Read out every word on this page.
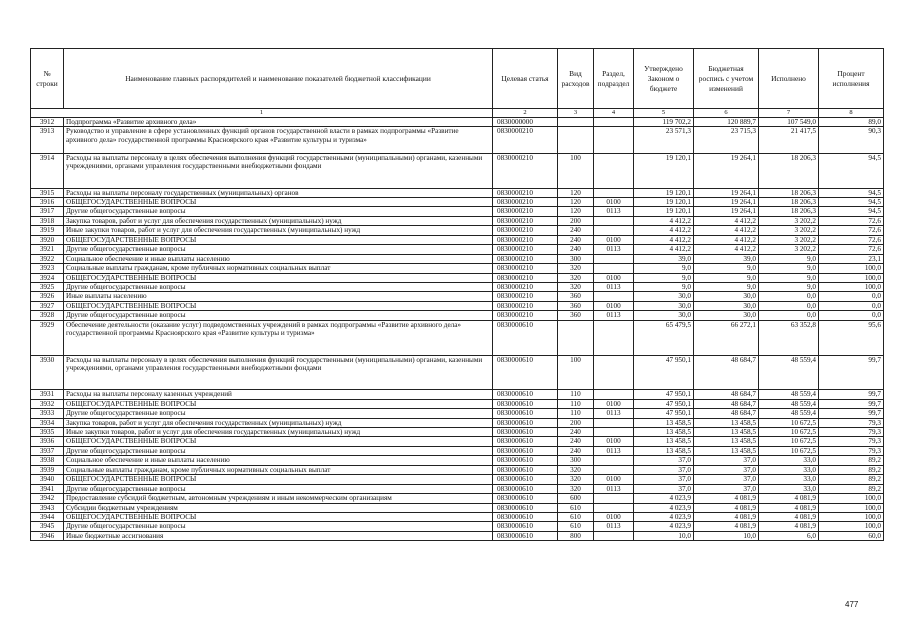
№ строки	Наименование главных распорядителей и наименование показателей бюджетной классификации	Целевая статья	Вид расходов	Раздел, подраздел	Утверждено Законом о бюджете	Бюджетная роспись с учетом изменений	Исполнено	Процент исполнения
1		2	3	4	5	6	7	8
3912	Подпрограмма «Развитие архивного дела»	0830000000			119 702,2	120 889,7	107 549,0	89,0
3913	Руководство и управление в сфере установленных функций органов государственной власти в рамках подпрограммы «Развитие архивного дела» государственной программы Красноярского края «Развитие культуры и туризма»	0830000210			23 571,3	23 715,3	21 417,5	90,3
3914	Расходы на выплаты персоналу в целях обеспечения выполнения функций государственными (муниципальными) органами, казенными учреждениями, органами управления государственными внебюджетными фондами	0830000210	100		19 120,1	19 264,1	18 206,3	94,5
3915	Расходы на выплаты персоналу государственных (муниципальных) органов	0830000210	120		19 120,1	19 264,1	18 206,3	94,5
3916	ОБЩЕГОСУДАРСТВЕННЫЕ ВОПРОСЫ	0830000210	120	0100	19 120,1	19 264,1	18 206,3	94,5
3917	Другие общегосударственные вопросы	0830000210	120	0113	19 120,1	19 264,1	18 206,3	94,5
3918	Закупка товаров, работ и услуг для обеспечения государственных (муниципальных) нужд	0830000210	200		4 412,2	4 412,2	3 202,2	72,6
3919	Иные закупки товаров, работ и услуг для обеспечения государственных (муниципальных) нужд	0830000210	240		4 412,2	4 412,2	3 202,2	72,6
3920	ОБЩЕГОСУДАРСТВЕННЫЕ ВОПРОСЫ	0830000210	240	0100	4 412,2	4 412,2	3 202,2	72,6
3921	Другие общегосударственные вопросы	0830000210	240	0113	4 412,2	4 412,2	3 202,2	72,6
3922	Социальное обеспечение и иные выплаты населению	0830000210	300		39,0	39,0	9,0	23,1
3923	Социальные выплаты гражданам, кроме публичных нормативных социальных выплат	0830000210	320		9,0	9,0	9,0	100,0
3924	ОБЩЕГОСУДАРСТВЕННЫЕ ВОПРОСЫ	0830000210	320	0100	9,0	9,0	9,0	100,0
3925	Другие общегосударственные вопросы	0830000210	320	0113	9,0	9,0	9,0	100,0
3926	Иные выплаты населению	0830000210	360		30,0	30,0	0,0	0,0
3927	ОБЩЕГОСУДАРСТВЕННЫЕ ВОПРОСЫ	0830000210	360	0100	30,0	30,0	0,0	0,0
3928	Другие общегосударственные вопросы	0830000210	360	0113	30,0	30,0	0,0	0,0
3929	Обеспечение деятельности (оказание услуг) подведомственных учреждений в рамках подпрограммы «Развитие архивного дела» государственной программы Красноярского края «Развитие культуры и туризма»	0830000610			65 479,5	66 272,1	63 352,8	95,6
3930	Расходы на выплаты персоналу в целях обеспечения выполнения функций государственными (муниципальными) органами, казенными учреждениями, органами управления государственными внебюджетными фондами	0830000610	100		47 950,1	48 684,7	48 559,4	99,7
3931	Расходы на выплаты персоналу казенных учреждений	0830000610	110		47 950,1	48 684,7	48 559,4	99,7
3932	ОБЩЕГОСУДАРСТВЕННЫЕ ВОПРОСЫ	0830000610	110	0100	47 950,1	48 684,7	48 559,4	99,7
3933	Другие общегосударственные вопросы	0830000610	110	0113	47 950,1	48 684,7	48 559,4	99,7
3934	Закупка товаров, работ и услуг для обеспечения государственных (муниципальных) нужд	0830000610	200		13 458,5	13 458,5	10 672,5	79,3
3935	Иные закупки товаров, работ и услуг для обеспечения государственных (муниципальных) нужд	0830000610	240		13 458,5	13 458,5	10 672,5	79,3
3936	ОБЩЕГОСУДАРСТВЕННЫЕ ВОПРОСЫ	0830000610	240	0100	13 458,5	13 458,5	10 672,5	79,3
3937	Другие общегосударственные вопросы	0830000610	240	0113	13 458,5	13 458,5	10 672,5	79,3
3938	Социальное обеспечение и иные выплаты населению	0830000610	300		37,0	37,0	33,0	89,2
3939	Социальные выплаты гражданам, кроме публичных нормативных социальных выплат	0830000610	320		37,0	37,0	33,0	89,2
3940	ОБЩЕГОСУДАРСТВЕННЫЕ ВОПРОСЫ	0830000610	320	0100	37,0	37,0	33,0	89,2
3941	Другие общегосударственные вопросы	0830000610	320	0113	37,0	37,0	33,0	89,2
3942	Предоставление субсидий бюджетным, автономным учреждениям и иным некоммерческим организациям	0830000610	600		4 023,9	4 081,9	4 081,9	100,0
3943	Субсидии бюджетным учреждениям	0830000610	610		4 023,9	4 081,9	4 081,9	100,0
3944	ОБЩЕГОСУДАРСТВЕННЫЕ ВОПРОСЫ	0830000610	610	0100	4 023,9	4 081,9	4 081,9	100,0
3945	Другие общегосударственные вопросы	0830000610	610	0113	4 023,9	4 081,9	4 081,9	100,0
3946	Иные бюджетные ассигнования	0830000610	800		10,0	10,0	6,0	60,0
477
